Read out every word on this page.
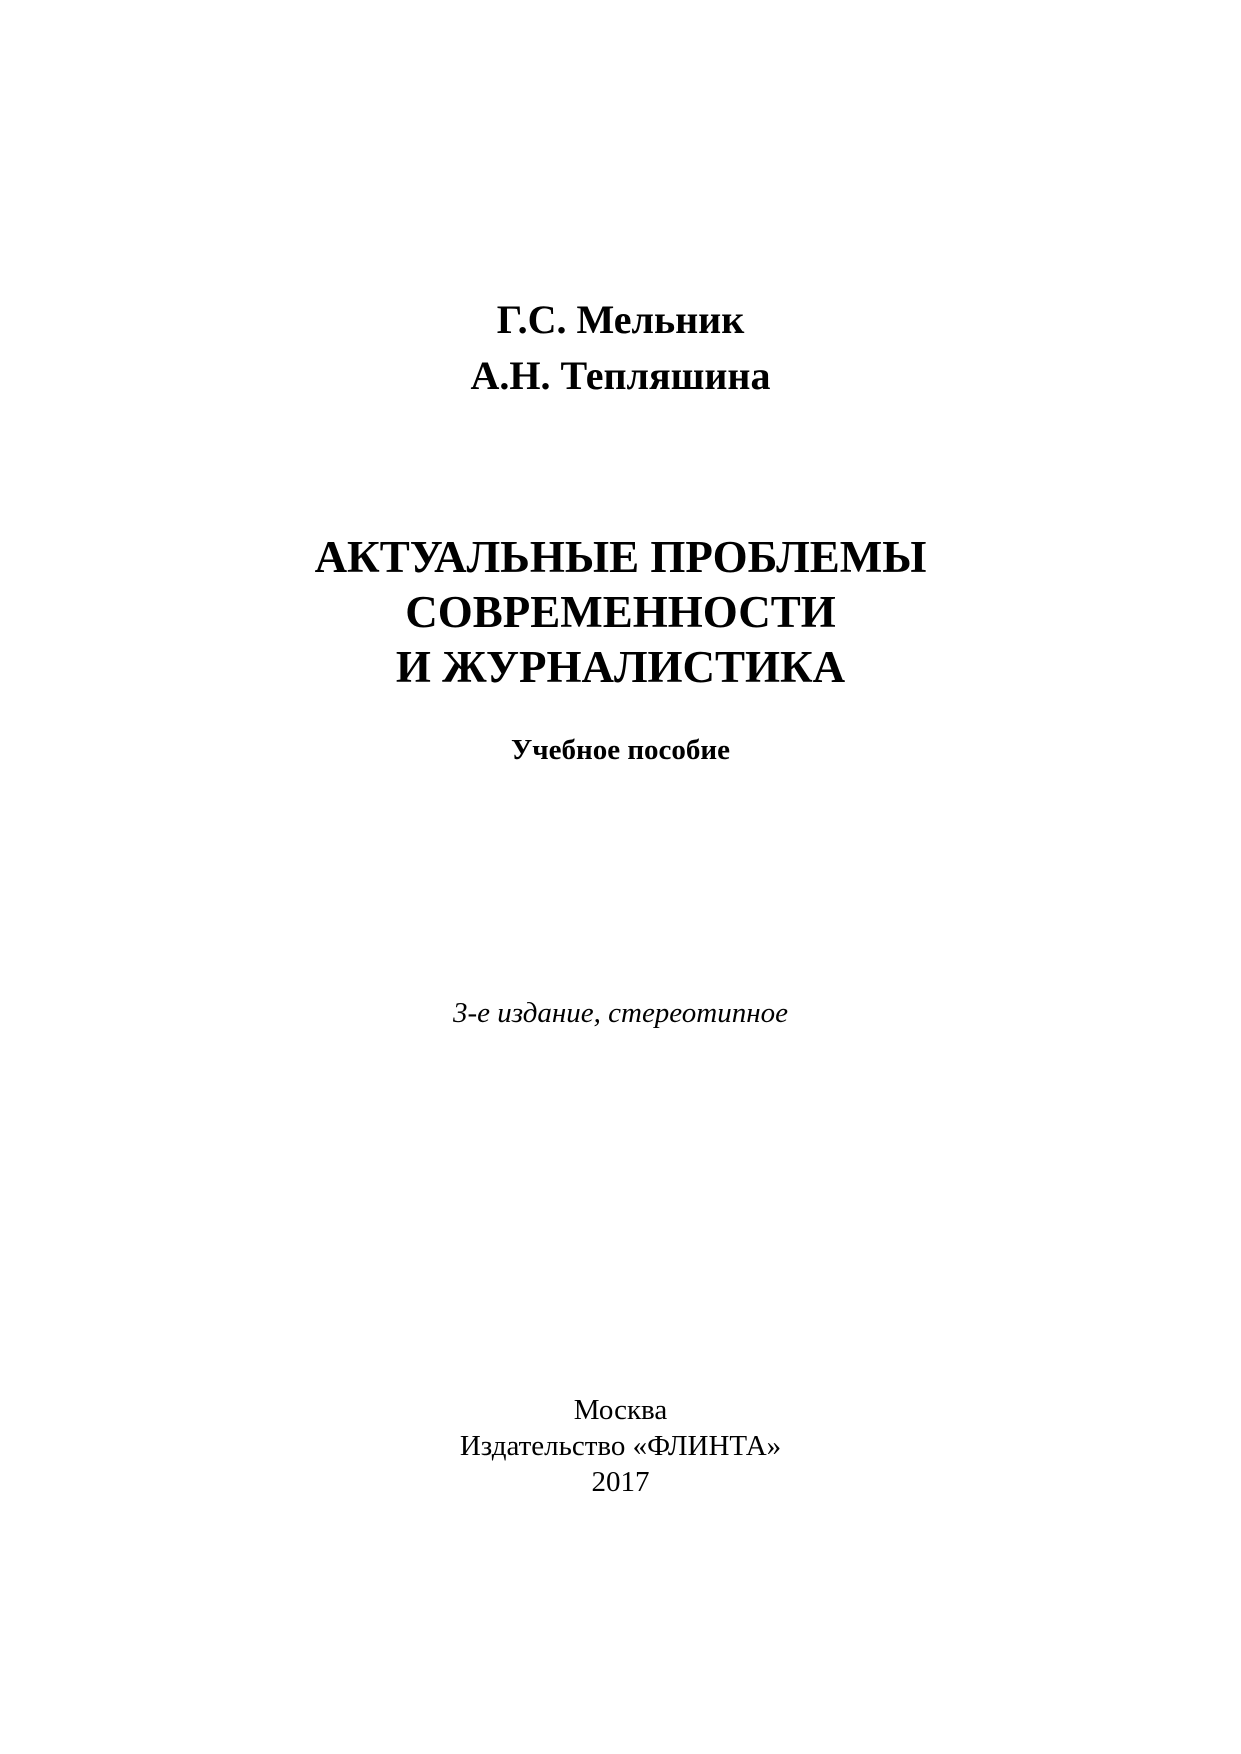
Г.С. Мельник
А.Н. Тепляшина
АКТУАЛЬНЫЕ ПРОБЛЕМЫ
СОВРЕМЕННОСТИ
И ЖУРНАЛИСТИКА
Учебное пособие
3-е издание, стереотипное
Москва
Издательство «ФЛИНТА»
2017
